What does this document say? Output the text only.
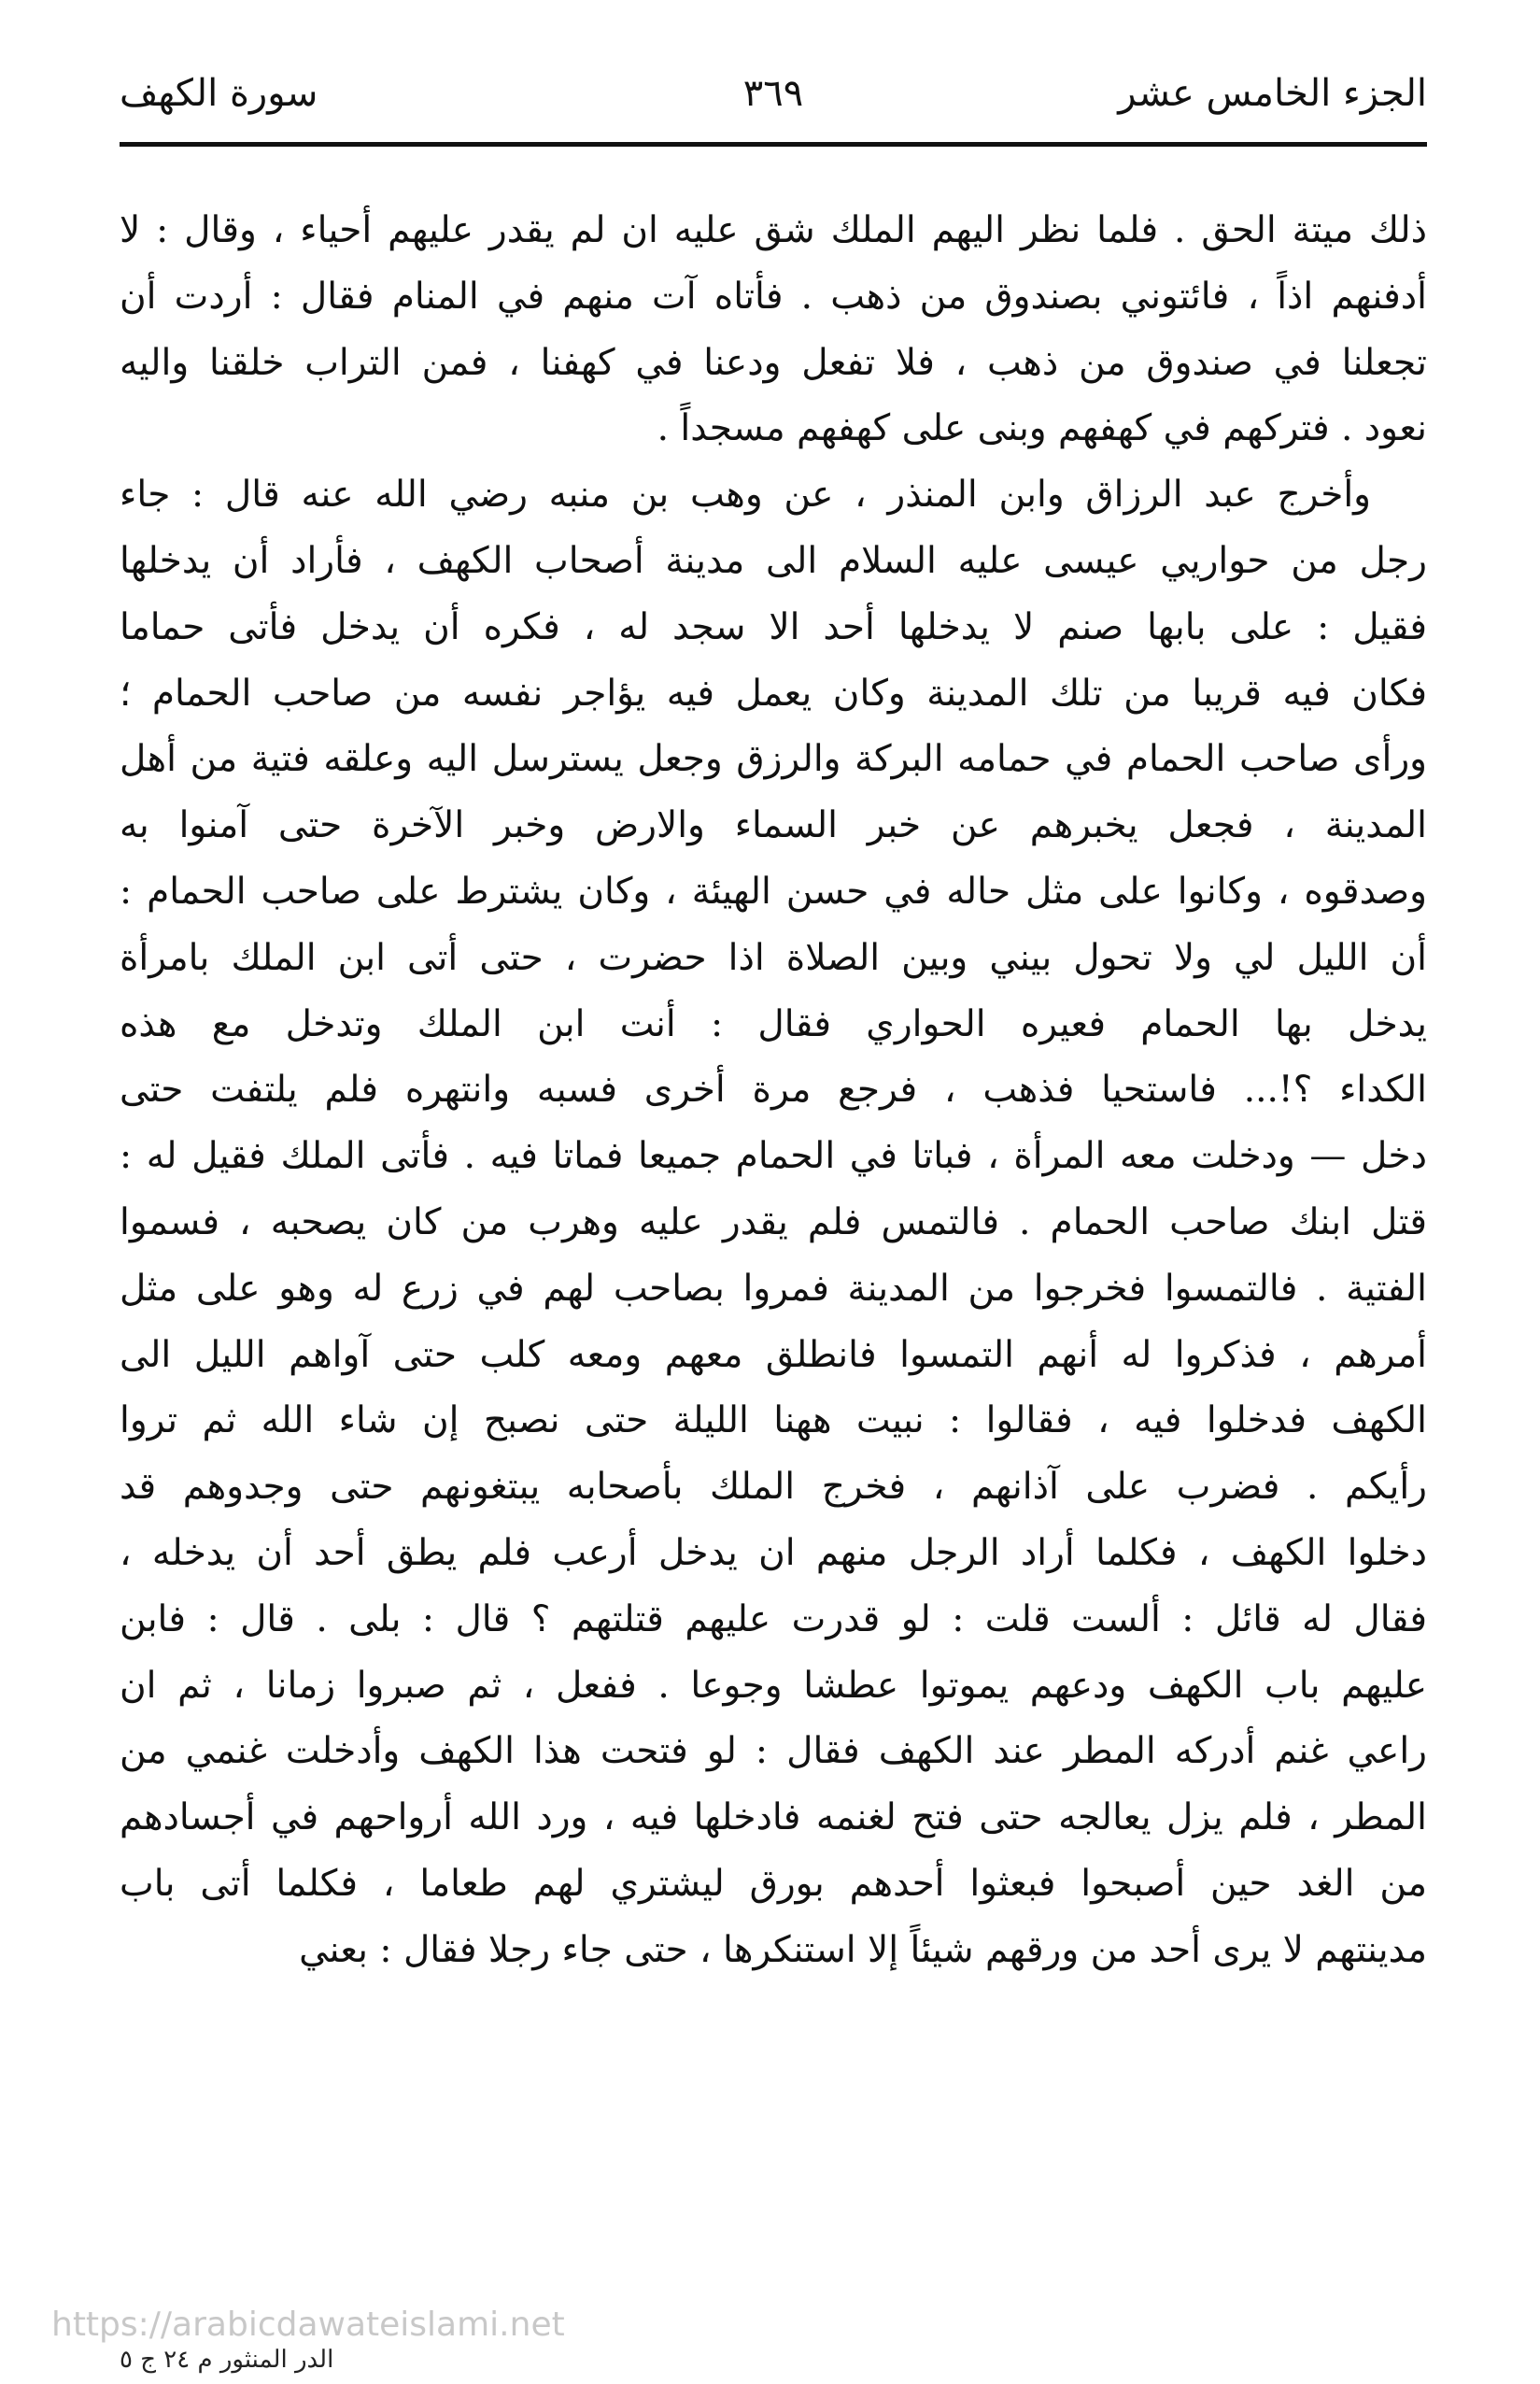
الجزء الخامس عشر
٣٦٩
سورة الكهف
ذلك ميتة الحق . فلما نظر اليهم الملك شق عليه ان لم يقدر عليهم أحياء ، وقال : لا
أدفنهم اذاً ، فائتوني بصندوق من ذهب . فأتاه آت منهم في المنام فقال : أردت أن
تجعلنا في صندوق من ذهب ، فلا تفعل ودعنا في كهفنا ، فمن التراب خلقنا واليه
نعود . فتركهم في كهفهم وبنى على كهفهم مسجداً .
وأخرج عبد الرزاق وابن المنذر ، عن وهب بن منبه رضي الله عنه قال : جاء
رجل من حواريي عيسى عليه السلام الى مدينة أصحاب الكهف ، فأراد أن يدخلها
فقيل : على بابها صنم لا يدخلها أحد الا سجد له ، فكره أن يدخل فأتى حماما
فكان فيه قريبا من تلك المدينة وكان يعمل فيه يؤاجر نفسه من صاحب الحمام ؛
ورأى صاحب الحمام في حمامه البركة والرزق وجعل يسترسل اليه وعلقه فتية من أهل
المدينة ، فجعل يخبرهم عن خبر السماء والارض وخبر الآخرة حتى آمنوا به
وصدقوه ، وكانوا على مثل حاله في حسن الهيئة ، وكان يشترط على صاحب الحمام :
أن الليل لي ولا تحول بيني وبين الصلاة اذا حضرت ، حتى أتى ابن الملك بامرأة
يدخل بها الحمام فعيره الحواري فقال : أنت ابن الملك وتدخل مع هذه
الكداء ؟!... فاستحيا فذهب ، فرجع مرة أخرى فسبه وانتهره فلم يلتفت حتى
دخل — ودخلت معه المرأة ، فباتا في الحمام جميعا فماتا فيه . فأتى الملك فقيل له :
قتل ابنك صاحب الحمام . فالتمس فلم يقدر عليه وهرب من كان يصحبه ، فسموا
الفتية . فالتمسوا فخرجوا من المدينة فمروا بصاحب لهم في زرع له وهو على مثل
أمرهم ، فذكروا له أنهم التمسوا فانطلق معهم ومعه كلب حتى آواهم الليل الى
الكهف فدخلوا فيه ، فقالوا : نبيت ههنا الليلة حتى نصبح إن شاء الله ثم تروا
رأيكم . فضرب على آذانهم ، فخرج الملك بأصحابه يبتغونهم حتى وجدوهم قد
دخلوا الكهف ، فكلما أراد الرجل منهم ان يدخل أرعب فلم يطق أحد أن يدخله ،
فقال له قائل : ألست قلت : لو قدرت عليهم قتلتهم ؟ قال : بلى . قال : فابن
عليهم باب الكهف ودعهم يموتوا عطشا وجوعا . ففعل ، ثم صبروا زمانا ، ثم ان
راعي غنم أدركه المطر عند الكهف فقال : لو فتحت هذا الكهف وأدخلت غنمي من
المطر ، فلم يزل يعالجه حتى فتح لغنمه فادخلها فيه ، ورد الله أرواحهم في أجسادهم
من الغد حين أصبحوا فبعثوا أحدهم بورق ليشتري لهم طعاما ، فكلما أتى باب
مدينتهم لا يرى أحد من ورقهم شيئاً إلا استنكرها ، حتى جاء رجلا فقال : بعني
https://arabicdawateislami.net
الدر المنثور م ٢٤ ج ٥
